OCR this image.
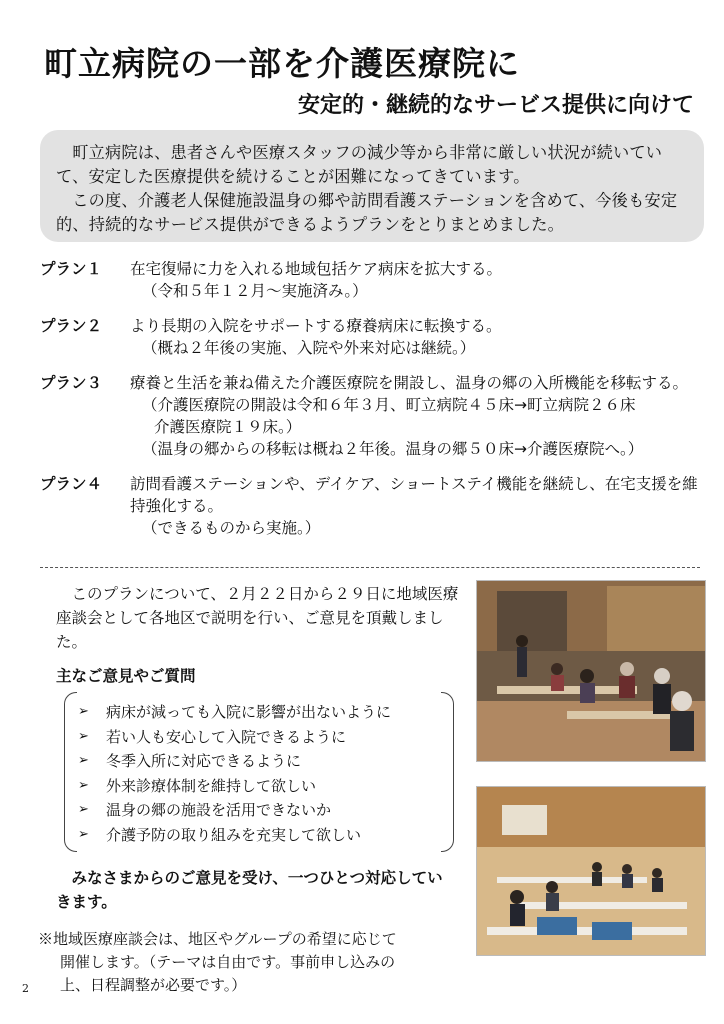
町立病院の一部を介護医療院に
安定的・継続的なサービス提供に向けて

町立病院は、患者さんや医療スタッフの減少等から非常に厳しい状況が続いていて、安定した医療提供を続けることが困難になってきています。

この度、介護老人保健施設温身の郷や訪問看護ステーションを含めて、今後も安定的、持続的なサービス提供ができるようプランをとりまとめました。

プラン１	在宅復帰に力を入れる地域包括ケア病床を拡大する。
（令和５年１２月～実施済み。）
プラン２	より長期の入院をサポートする療養病床に転換する。
（概ね２年後の実施、入院や外来対応は継続。）
プラン３	療養と生活を兼ね備えた介護医療院を開設し、温身の郷の入所機能を移転する。
（介護医療院の開設は令和６年３月、町立病院４５床→町立病院２６床
介護医療院１９床。）
（温身の郷からの移転は概ね２年後。温身の郷５０床→介護医療院へ。）
プラン４	訪問看護ステーションや、デイケア、ショートステイ機能を継続し、在宅支援を維持強化する。
（できるものから実施。）

このプランについて、２月２２日から２９日に地域医療座談会として各地区で説明を行い、ご意見を頂戴しました。

主なご意見やご質問
➢	病床が減っても入院に影響が出ないように
➢	若い人も安心して入院できるように
➢	冬季入所に対応できるように
➢	外来診療体制を維持して欲しい
➢	温身の郷の施設を活用できないか
➢	介護予防の取り組みを充実して欲しい

みなさまからのご意見を受け、一つひとつ対応していきます。

※地域医療座談会は、地区やグループの希望に応じて
開催します。（テーマは自由です。事前申し込みの
上、日程調整が必要です。）
2
